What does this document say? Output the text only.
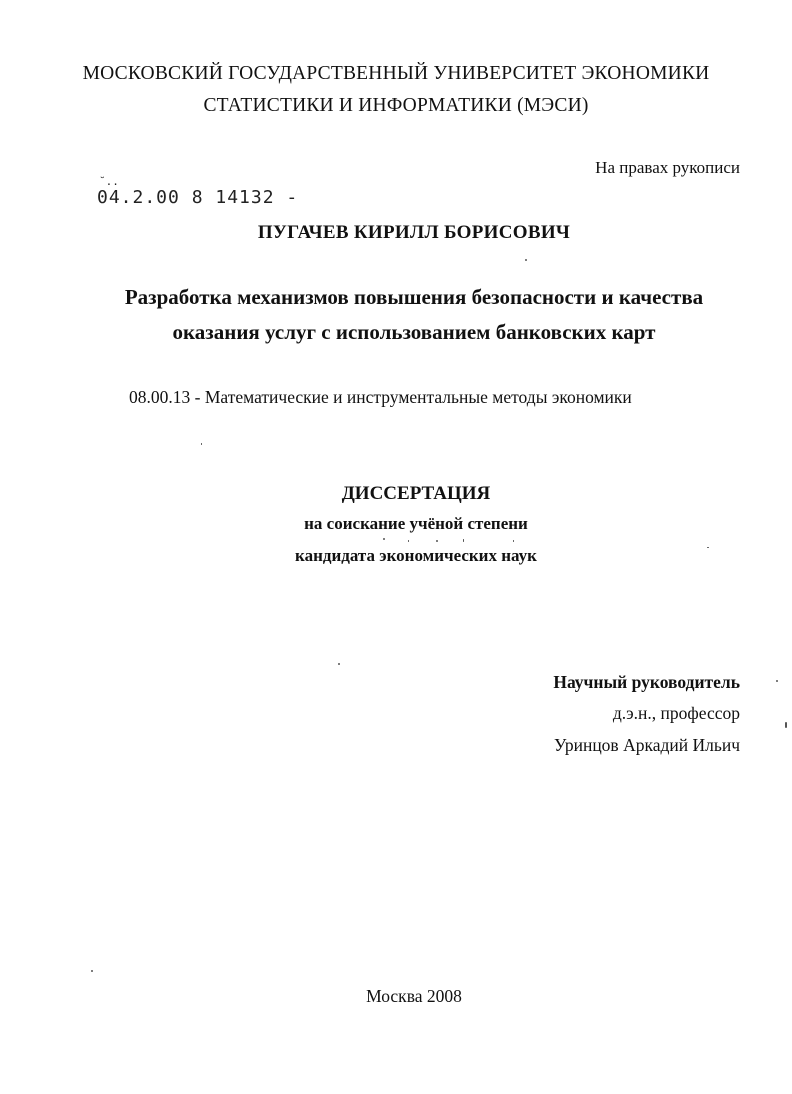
МОСКОВСКИЙ ГОСУДАРСТВЕННЫЙ УНИВЕРСИТЕТ ЭКОНОМИКИ
СТАТИСТИКИ И ИНФОРМАТИКИ (МЭСИ)
На правах рукописи
˘..
04.2.00 8 14132 -
ПУГАЧЕВ КИРИЛЛ БОРИСОВИЧ
Разработка механизмов повышения безопасности и качества
оказания услуг с использованием банковских карт
08.00.13 - Математические и инструментальные методы экономики
ДИССЕРТАЦИЯ
на соискание учёной степени
кандидата экономических наук
Научный руководитель
д.э.н., профессор
Уринцов Аркадий Ильич
Москва 2008
